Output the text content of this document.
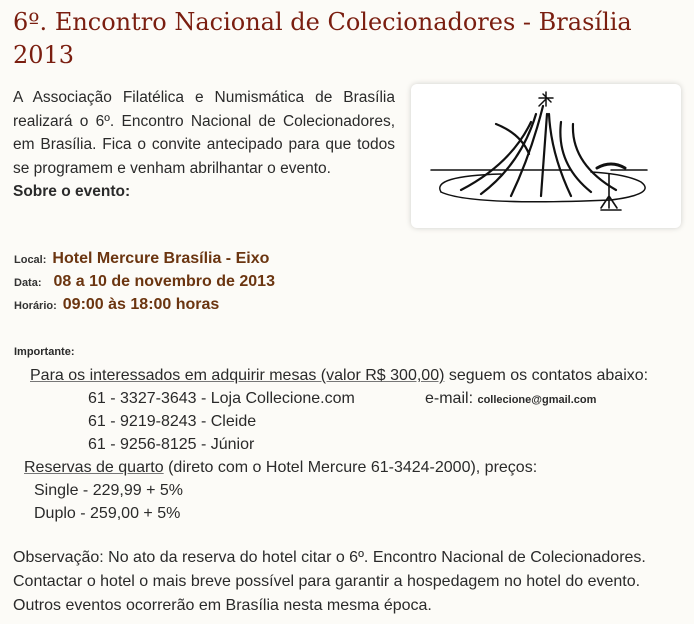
6º. Encontro Nacional de Colecionadores - Brasília 2013
A Associação Filatélica e Numismática de Brasília realizará o 6º. Encontro Nacional de Colecionadores, em Brasília. Fica o convite antecipado para que todos se programem e venham abrilhantar o evento.
Sobre o evento:
Local: Hotel Mercure Brasília - Eixo
Data: 08 a 10 de novembro de 2013
Horário: 09:00 às 18:00 horas
Importante:
Para os interessados em adquirir mesas (valor R$ 300,00) seguem os contatos abaixo:
61 - 3327-3643 - Loja Collecione.com	e-mail: collecione@gmail.com
61 - 9219-8243 - Cleide
61 - 9256-8125 - Júnior
Reservas de quarto (direto com o Hotel Mercure 61-3424-2000), preços:
Single - 229,99 + 5%
Duplo - 259,00 + 5%
Observação: No ato da reserva do hotel citar o 6º. Encontro Nacional de Colecionadores.
Contactar o hotel o mais breve possível para garantir a hospedagem no hotel do evento.
Outros eventos ocorrerão em Brasília nesta mesma época.
